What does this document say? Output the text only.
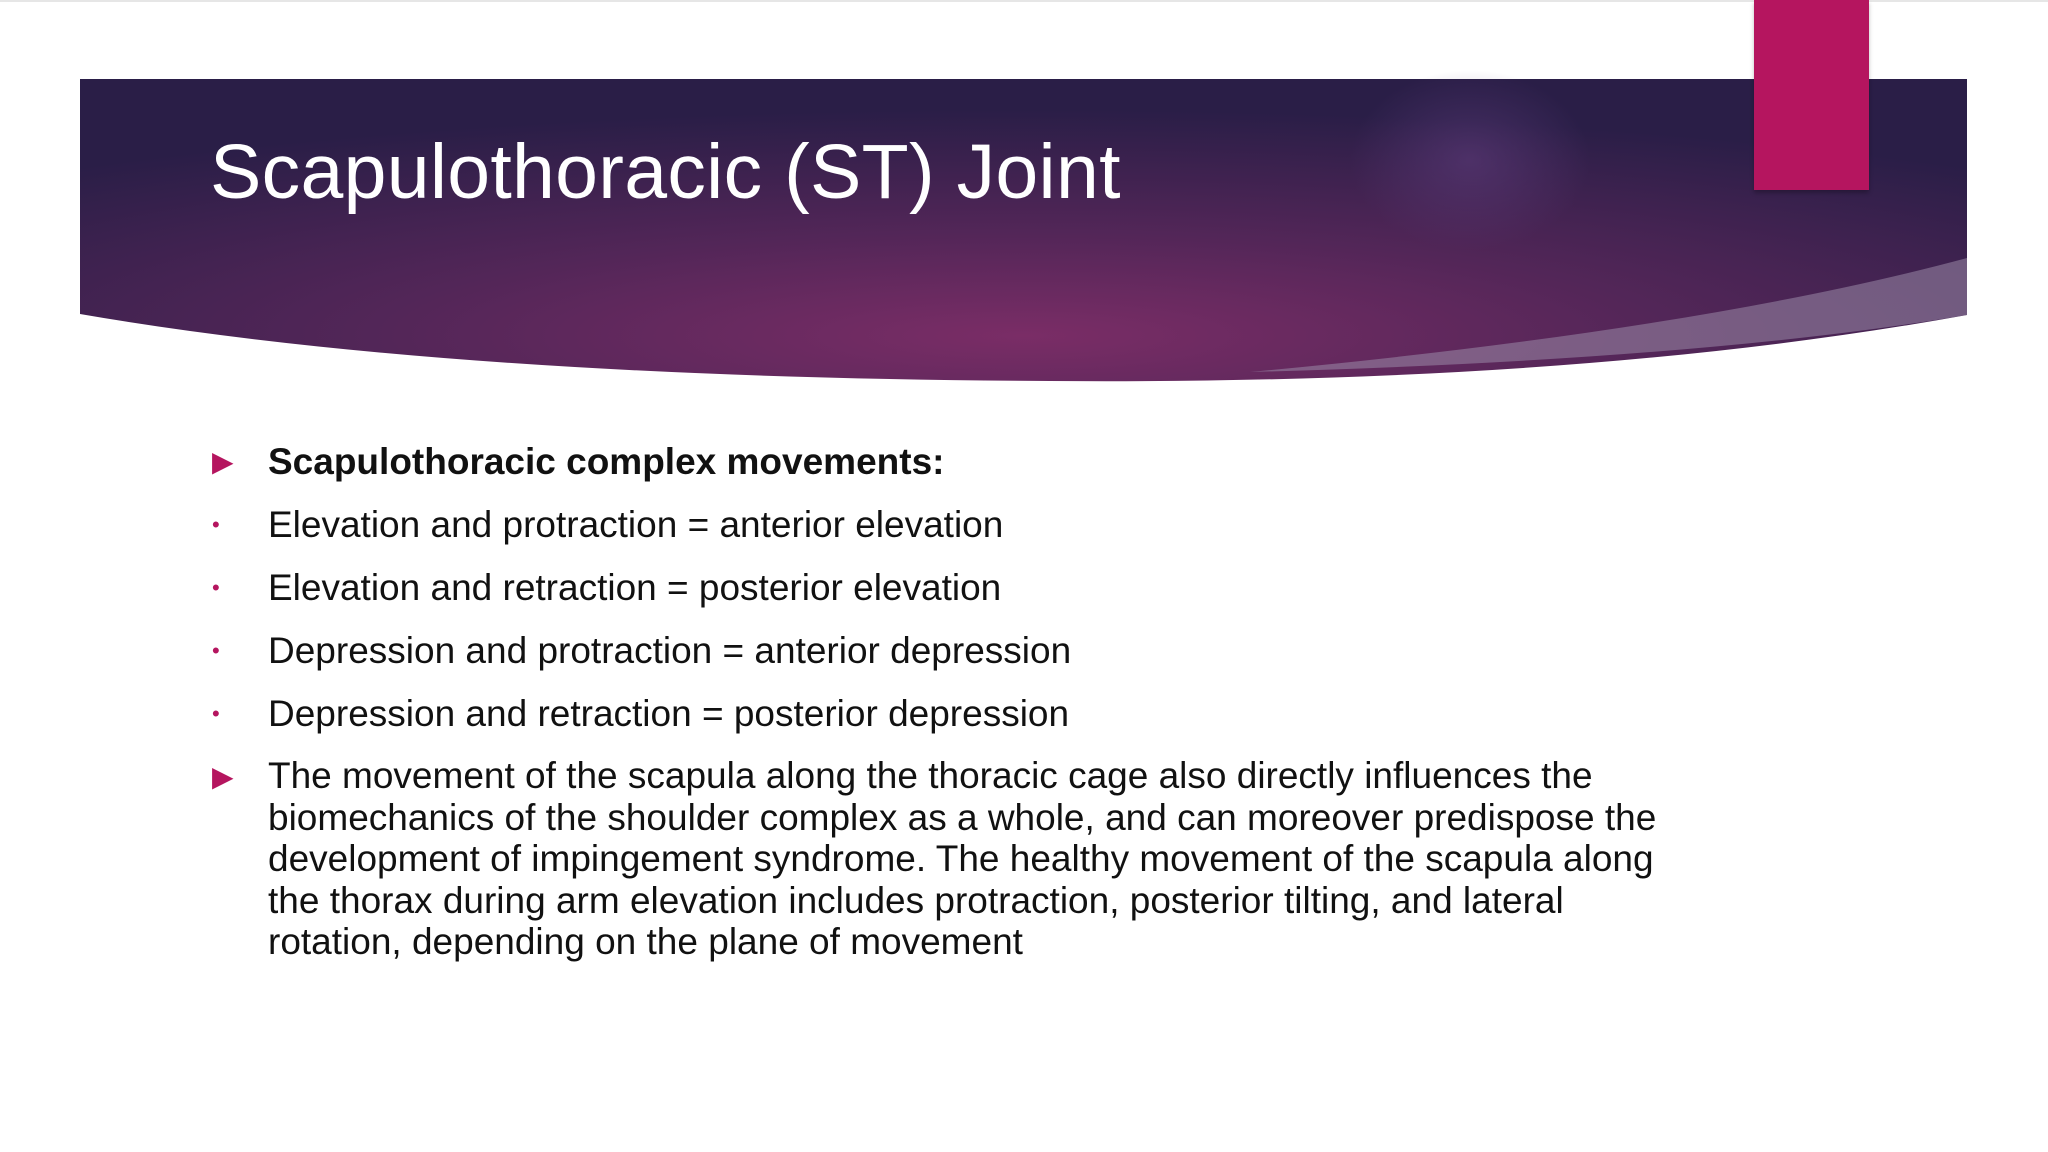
Scapulothoracic (ST) Joint
▶ Scapulothoracic complex movements:
• Elevation and protraction = anterior elevation
• Elevation and retraction = posterior elevation
• Depression and protraction = anterior depression
• Depression and retraction = posterior depression
▶ The movement of the scapula along the thoracic cage also directly influences the biomechanics of the shoulder complex as a whole, and can moreover predispose the development of impingement syndrome. The healthy movement of the scapula along the thorax during arm elevation includes protraction, posterior tilting, and lateral rotation, depending on the plane of movement
